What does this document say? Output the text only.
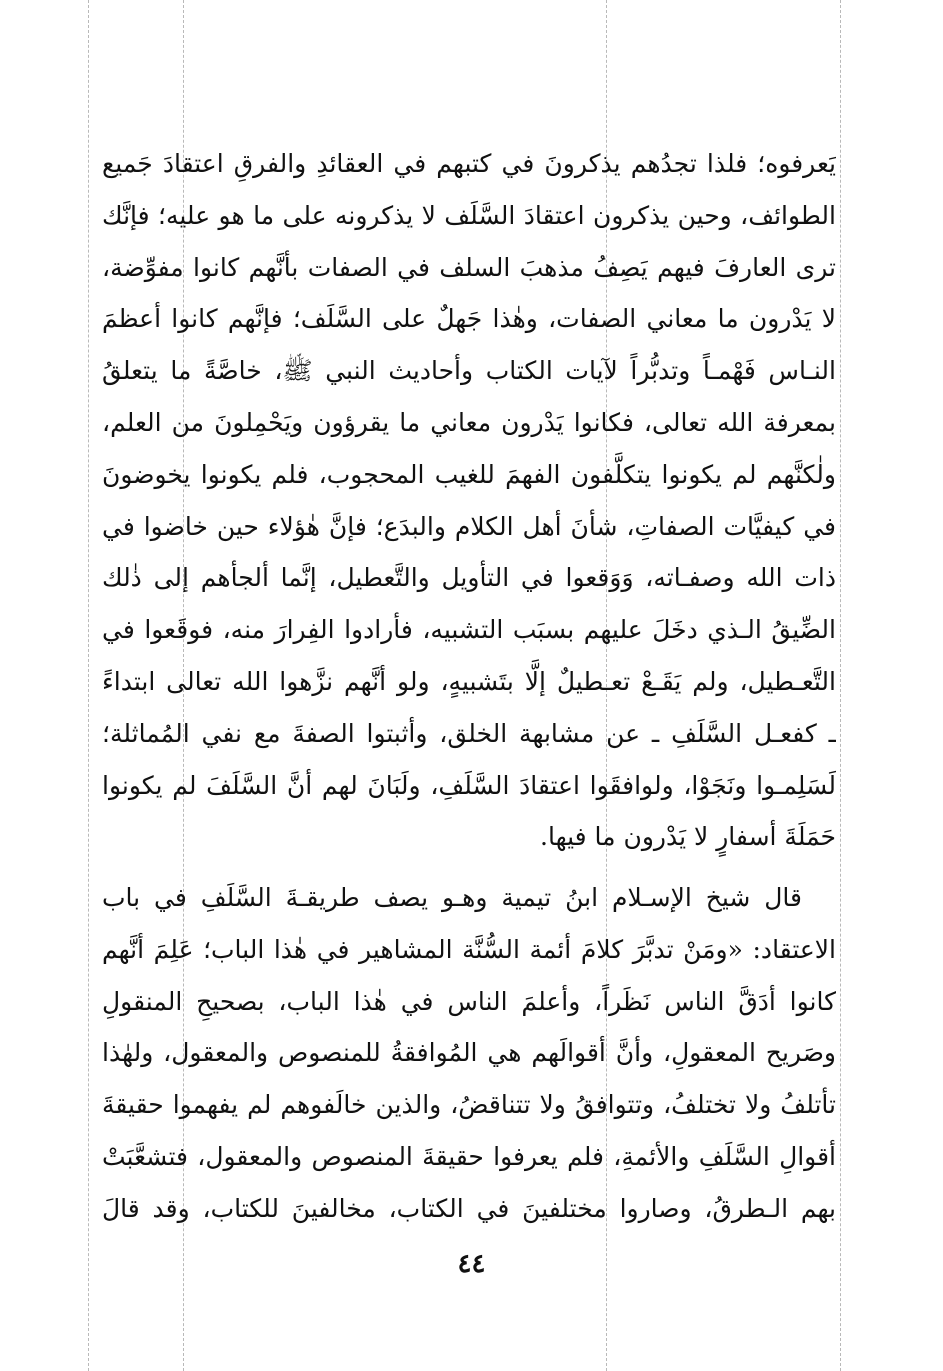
يَعرفوه؛ فلذا تجدُهم يذكرونَ في كتبهم في العقائدِ والفرقِ اعتقادَ جَميع
الطوائف، وحين يذكرون اعتقادَ السَّلَف لا يذكرونه على ما هو عليه؛ فإنَّك
ترى العارفَ فيهم يَصِفُ مذهبَ السلف في الصفات بأنَّهم كانوا مفوِّضة،
لا يَدْرون ما معاني الصفات، وهٰذا جَهلٌ على السَّلَف؛ فإنَّهم كانوا أعظمَ
النـاس فَهْمـاً وتدبُّراً لآيات الكتاب وأحاديث النبي ﷺ، خاصَّةً ما يتعلقُ
بمعرفة الله تعالى، فكانوا يَدْرون معاني ما يقرؤون ويَحْمِلونَ من العلم،
ولٰكنَّهم لم يكونوا يتكلَّفون الفهمَ للغيب المحجوب، فلم يكونوا يخوضونَ
في كيفيَّات الصفاتِ، شأنَ أهل الكلام والبدَع؛ فإنَّ هٰؤلاء حين خاضوا في
ذات الله وصفـاته، وَوَقعوا في التأويل والتَّعطيل، إنَّما ألجأهم إلى ذٰلك
الضِّيقُ الـذي دخَلَ عليهم بسبَب التشبيه، فأرادوا الفِرارَ منه، فوقَعوا في
التَّعـطيل، ولم يَقَـعْ تعـطيلٌ إلَّا بتَشبيهٍ، ولو أنَّهم نزَّهوا الله تعالى ابتداءً
ـ كفعـل السَّلَفِ ـ عن مشابهة الخلق، وأثبتوا الصفةَ مع نفي المُماثلة؛
لَسَلِمـوا ونَجَوْا، ولوافقَوا اعتقادَ السَّلَفِ، ولَبَانَ لهم أنَّ السَّلَفَ لم يكونوا
حَمَلَةَ أسفارٍ لا يَدْرون ما فيها.
قال شيخ الإسـلام ابنُ تيمية وهـو يصف طريقـةَ السَّلَفِ في باب
الاعتقاد: «ومَنْ تدبَّرَ كلامَ أئمة السُّنَّة المشاهير في هٰذا الباب؛ عَلِمَ أنَّهم
كانوا أدَقَّ الناس نَظَراً، وأعلمَ الناس في هٰذا الباب، بصحيحِ المنقولِ
وصَريح المعقولِ، وأنَّ أقوالَهم هي المُوافقةُ للمنصوص والمعقول، ولهٰذا
تأتلفُ ولا تختلفُ، وتتوافقُ ولا تتناقضُ، والذين خالَفوهم لم يفهموا حقيقةَ
أقوالِ السَّلَفِ والأئمةِ، فلم يعرفوا حقيقةَ المنصوص والمعقول، فتشعَّبَتْ
بهم الـطرقُ، وصاروا مختلفينَ في الكتاب، مخالفينَ للكتاب، وقد قالَ
٤٤
